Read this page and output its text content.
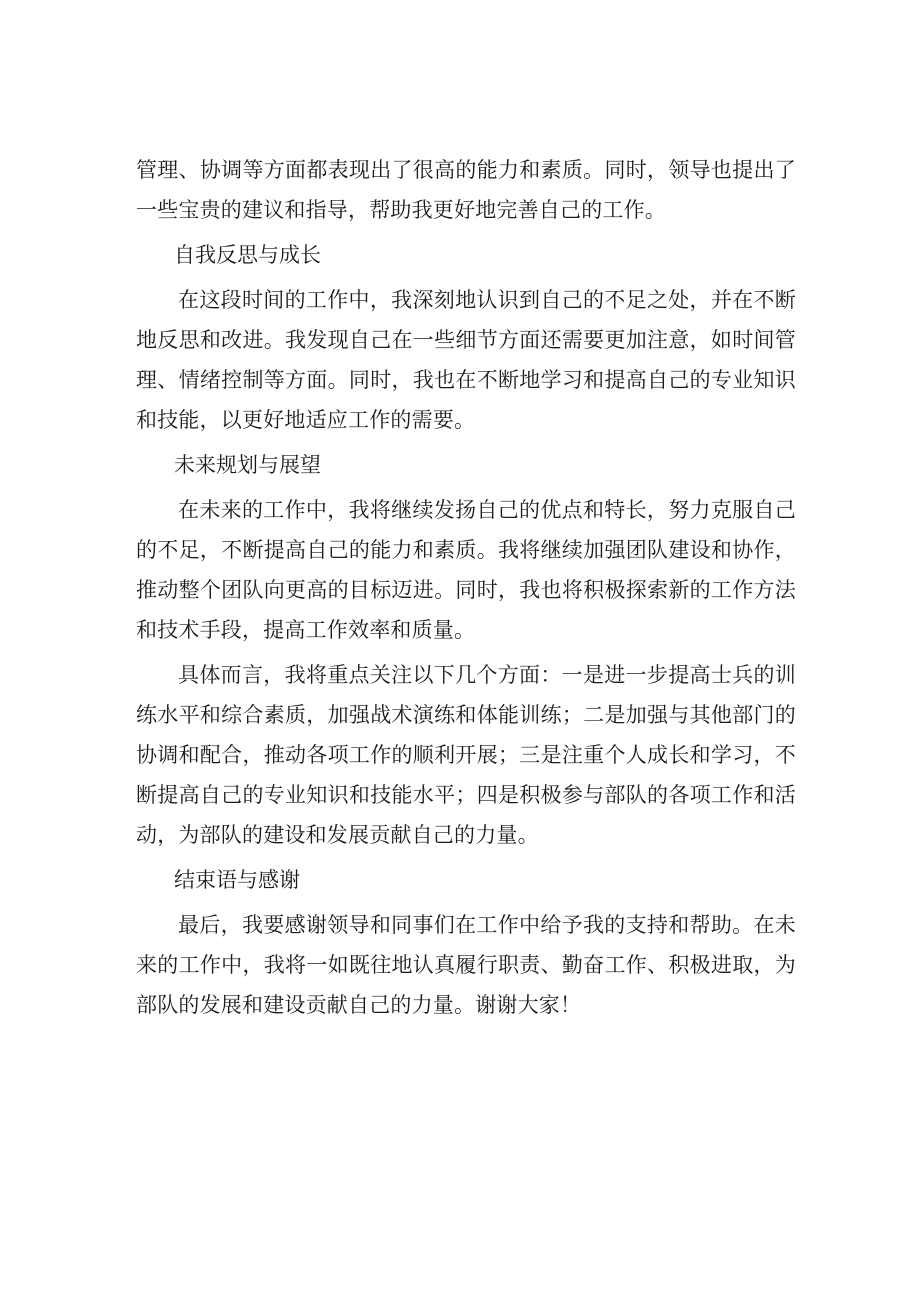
管理、协调等方面都表现出了很高的能力和素质。同时，领导也提出了一些宝贵的建议和指导，帮助我更好地完善自己的工作。

自我反思与成长

在这段时间的工作中，我深刻地认识到自己的不足之处，并在不断地反思和改进。我发现自己在一些细节方面还需要更加注意，如时间管理、情绪控制等方面。同时，我也在不断地学习和提高自己的专业知识和技能，以更好地适应工作的需要。

未来规划与展望

在未来的工作中，我将继续发扬自己的优点和特长，努力克服自己的不足，不断提高自己的能力和素质。我将继续加强团队建设和协作，推动整个团队向更高的目标迈进。同时，我也将积极探索新的工作方法和技术手段，提高工作效率和质量。

具体而言，我将重点关注以下几个方面：一是进一步提高士兵的训练水平和综合素质，加强战术演练和体能训练；二是加强与其他部门的协调和配合，推动各项工作的顺利开展；三是注重个人成长和学习，不断提高自己的专业知识和技能水平；四是积极参与部队的各项工作和活动，为部队的建设和发展贡献自己的力量。

结束语与感谢

最后，我要感谢领导和同事们在工作中给予我的支持和帮助。在未来的工作中，我将一如既往地认真履行职责、勤奋工作、积极进取，为部队的发展和建设贡献自己的力量。谢谢大家！
